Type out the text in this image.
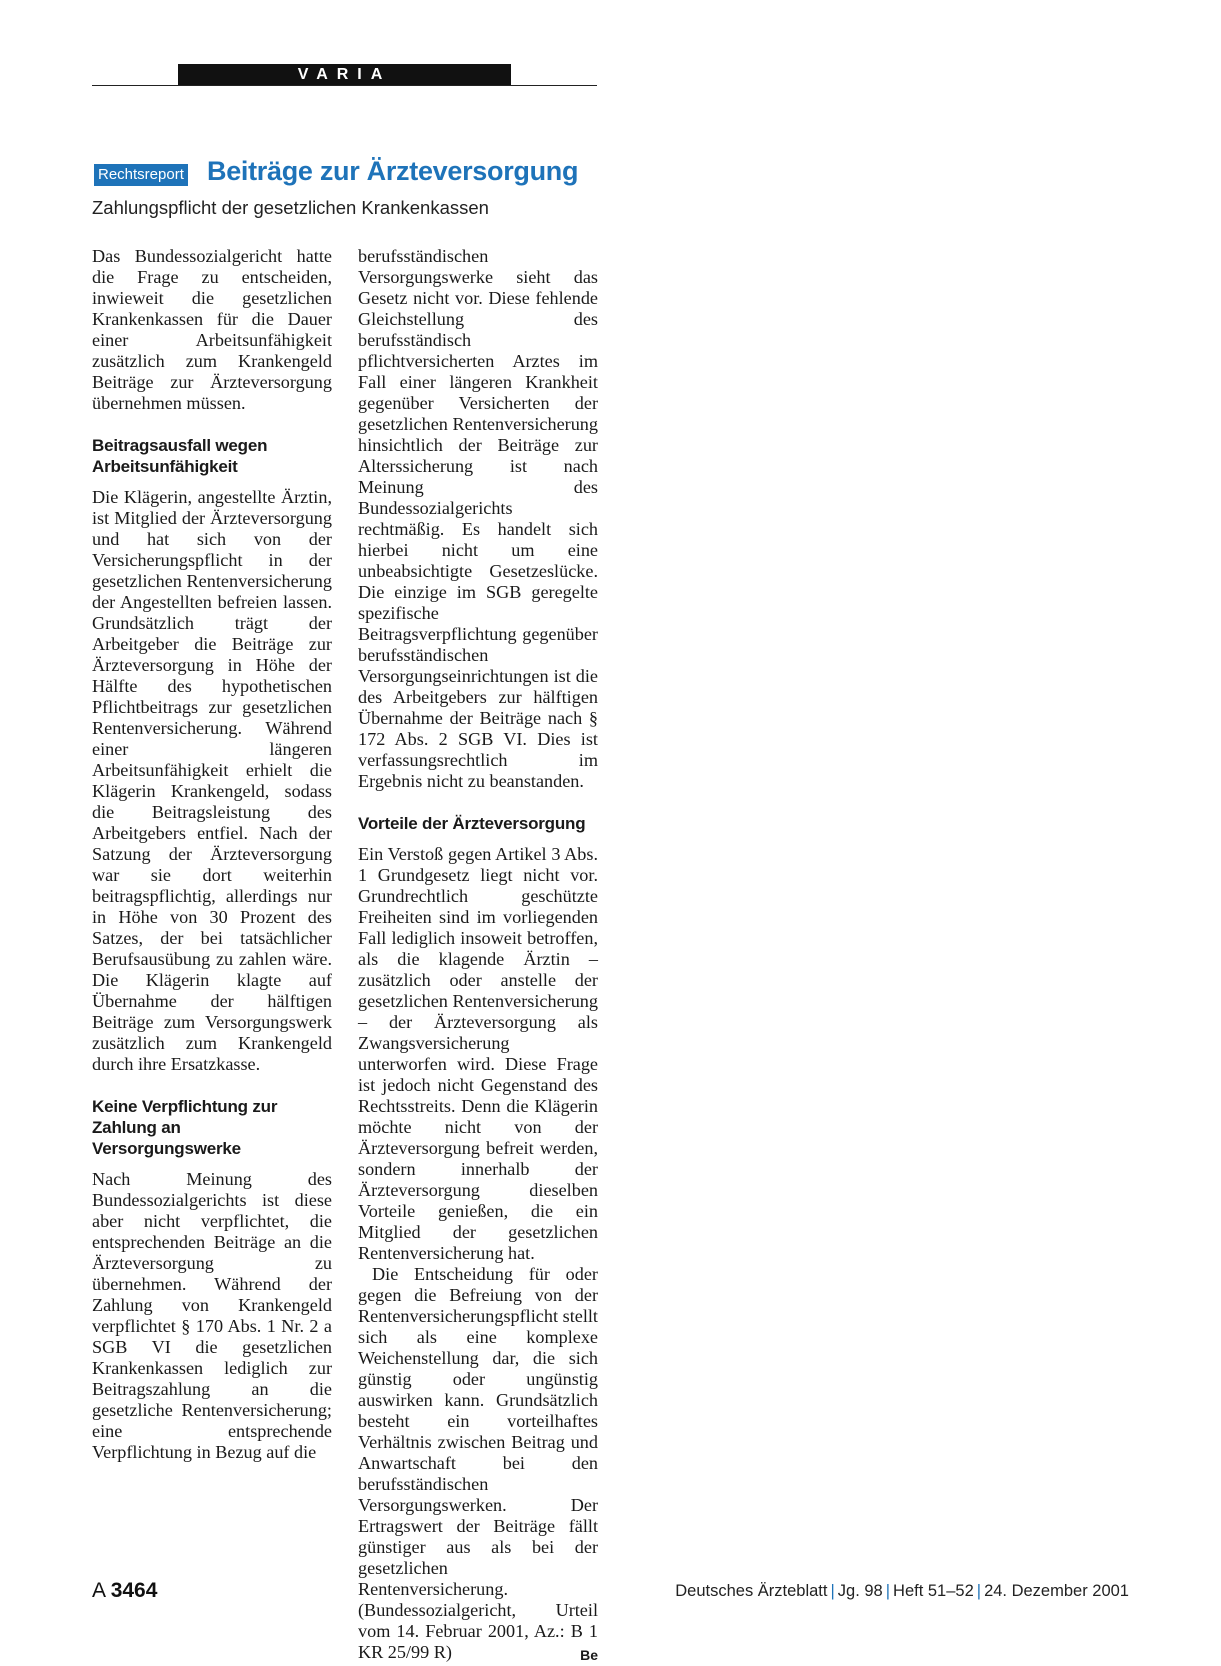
VARIA
Rechtsreport Beiträge zur Ärzteversorgung

Zahlungspflicht der gesetzlichen Krankenkassen

Das Bundessozialgericht hatte die Frage zu entscheiden, inwieweit die gesetzlichen Krankenkassen für die Dauer einer Arbeitsunfähigkeit zusätzlich zum Krankengeld Beiträge zur Ärzteversorgung übernehmen müssen.

Beitragsausfall wegen Arbeitsunfähigkeit

Die Klägerin, angestellte Ärztin, ist Mitglied der Ärzteversorgung und hat sich von der Versicherungspflicht in der gesetzlichen Rentenversicherung der Angestellten befreien lassen. Grundsätzlich trägt der Arbeitgeber die Beiträge zur Ärzteversorgung in Höhe der Hälfte des hypothetischen Pflichtbeitrags zur gesetzlichen Rentenversicherung. Während einer längeren Arbeitsunfähigkeit erhielt die Klägerin Krankengeld, sodass die Beitragsleistung des Arbeitgebers entfiel. Nach der Satzung der Ärzteversorgung war sie dort weiterhin beitragspflichtig, allerdings nur in Höhe von 30 Prozent des Satzes, der bei tatsächlicher Berufsausübung zu zahlen wäre. Die Klägerin klagte auf Übernahme der hälftigen Beiträge zum Versorgungswerk zusätzlich zum Krankengeld durch ihre Ersatzkasse.

Keine Verpflichtung zur Zahlung an Versorgungswerke

Nach Meinung des Bundessozialgerichts ist diese aber nicht verpflichtet, die entsprechenden Beiträge an die Ärzteversorgung zu übernehmen. Während der Zahlung von Krankengeld verpflichtet § 170 Abs. 1 Nr. 2 a SGB VI die gesetzlichen Krankenkassen lediglich zur Beitragszahlung an die gesetzliche Rentenversicherung; eine entsprechende Verpflichtung in Bezug auf die

berufsständischen Versorgungswerke sieht das Gesetz nicht vor. Diese fehlende Gleichstellung des berufsständisch pflichtversicherten Arztes im Fall einer längeren Krankheit gegenüber Versicherten der gesetzlichen Rentenversicherung hinsichtlich der Beiträge zur Alterssicherung ist nach Meinung des Bundessozialgerichts rechtmäßig. Es handelt sich hierbei nicht um eine unbeabsichtigte Gesetzeslücke. Die einzige im SGB geregelte spezifische Beitragsverpflichtung gegenüber berufsständischen Versorgungseinrichtungen ist die des Arbeitgebers zur hälftigen Übernahme der Beiträge nach § 172 Abs. 2 SGB VI. Dies ist verfassungsrechtlich im Ergebnis nicht zu beanstanden.

Vorteile der Ärzteversorgung

Ein Verstoß gegen Artikel 3 Abs. 1 Grundgesetz liegt nicht vor. Grundrechtlich geschützte Freiheiten sind im vorliegenden Fall lediglich insoweit betroffen, als die klagende Ärztin – zusätzlich oder anstelle der gesetzlichen Rentenversicherung – der Ärzteversorgung als Zwangsversicherung unterworfen wird. Diese Frage ist jedoch nicht Gegenstand des Rechtsstreits. Denn die Klägerin möchte nicht von der Ärzteversorgung befreit werden, sondern innerhalb der Ärzteversorgung dieselben Vorteile genießen, die ein Mitglied der gesetzlichen Rentenversicherung hat.

Die Entscheidung für oder gegen die Befreiung von der Rentenversicherungspflicht stellt sich als eine komplexe Weichenstellung dar, die sich günstig oder ungünstig auswirken kann. Grundsätzlich besteht ein vorteilhaftes Verhältnis zwischen Beitrag und Anwartschaft bei den berufsständischen Versorgungswerken. Der Ertragswert der Beiträge fällt günstiger aus als bei der gesetzlichen Rentenversicherung. (Bundessozialgericht, Urteil vom 14. Februar 2001, Az.: B 1 KR 25/99 R)	Be

A 3464	Deutsches Ärzteblatt | Jg. 98 | Heft 51–52 | 24. Dezember 2001
